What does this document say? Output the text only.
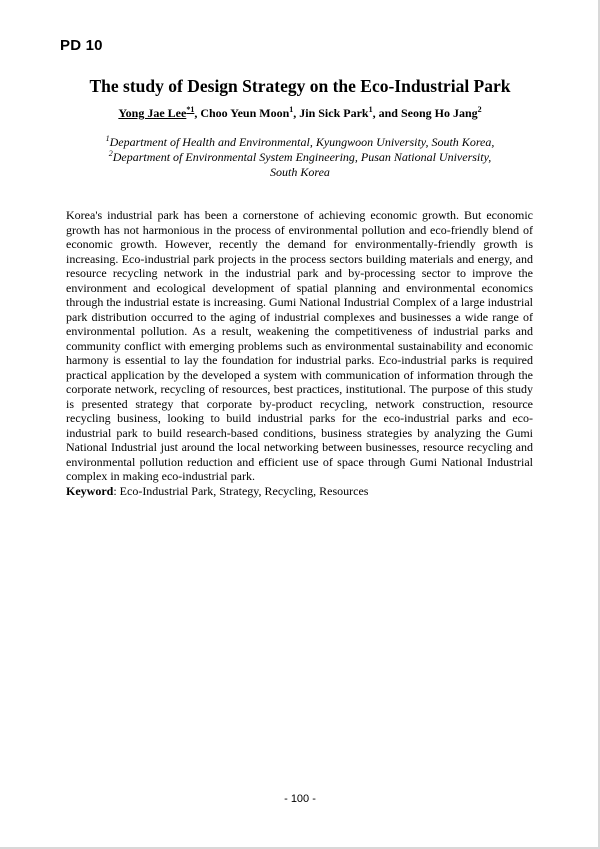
PD 10
The study of Design Strategy on the Eco-Industrial Park
Yong Jae Lee$^{*1}$, Choo Yeun Moon$^1$, Jin Sick Park$^1$, and Seong Ho Jang$^2$
$^1$Department of Health and Environmental, Kyungwoon University, South Korea,
$^2$Department of Environmental System Engineering, Pusan National University,
South Korea

Korea's industrial park has been a cornerstone of achieving economic growth. But economic growth has not harmonious in the process of environmental pollution and eco-friendly blend of economic growth. However, recently the demand for environmentally-friendly growth is increasing. Eco-industrial park projects in the process sectors building materials and energy, and resource recycling network in the industrial park and by-processing sector to improve the environment and ecological development of spatial planning and environmental economics through the industrial estate is increasing. Gumi National Industrial Complex of a large industrial park distribution occurred to the aging of industrial complexes and businesses a wide range of environmental pollution. As a result, weakening the competitiveness of industrial parks and community conflict with emerging problems such as environmental sustainability and economic harmony is essential to lay the foundation for industrial parks. Eco-industrial parks is required practical application by the developed a system with communication of information through the corporate network, recycling of resources, best practices, institutional. The purpose of this study is presented strategy that corporate by-product recycling, network construction, resource recycling business, looking to build industrial parks for the eco-industrial parks and eco-industrial park to build research-based conditions, business strategies by analyzing the Gumi National Industrial just around the local networking between businesses, resource recycling and environmental pollution reduction and efficient use of space through Gumi National Industrial complex in making eco-industrial park.

Keyword: Eco-Industrial Park, Strategy, Recycling, Resources
- 100 -
